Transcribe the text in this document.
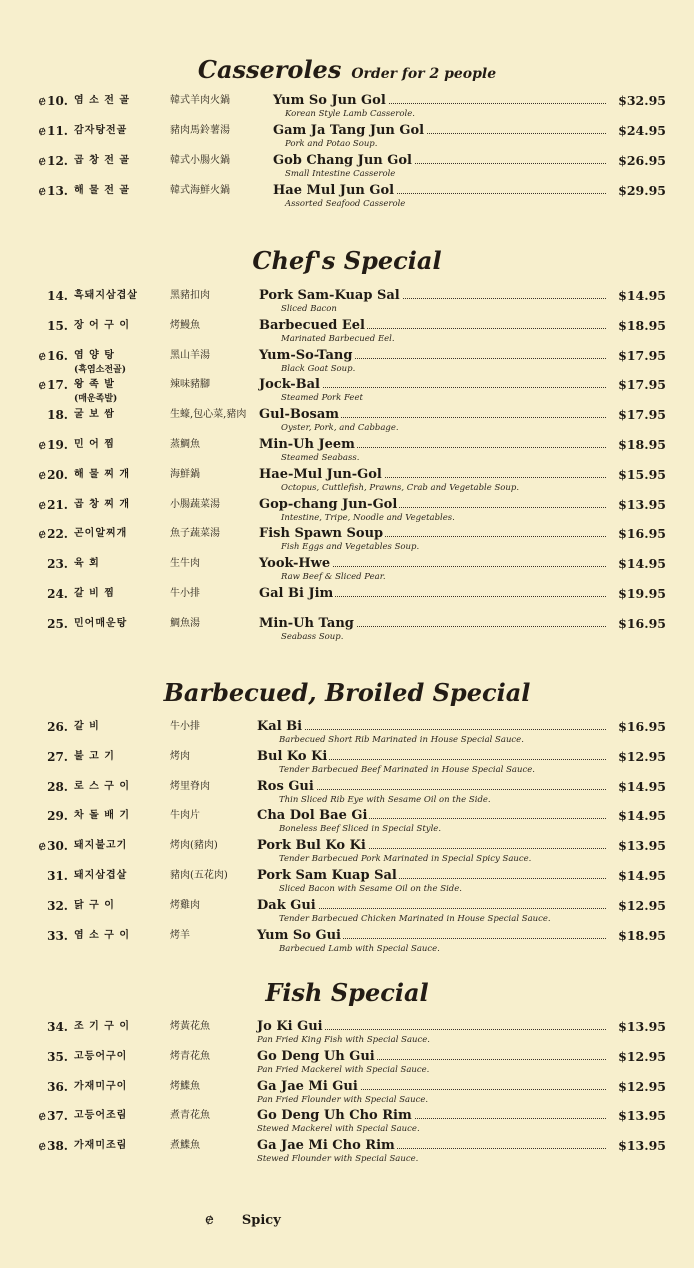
Casseroles Order for 2 people
ɇ10. 염 소 전 골	韓式羊肉火鍋	Yum So Jun Gol	$32.95
Korean Style Lamb Casserole.
ɇ11. 감자탕전골	豬肉馬鈴薯湯	Gam Ja Tang Jun Gol	$24.95
Pork and Potao Soup.
ɇ12. 곱 창 전 골	韓式小腸火鍋	Gob Chang Jun Gol	$26.95
Small Intestine Casserole
ɇ13. 해 물 전 골	韓式海鮮火鍋	Hae Mul Jun Gol	$29.95
Assorted Seafood Casserole
Chef's Special
14. 흑돼지삼겹살	黑豬扣肉	Pork Sam-Kuap Sal	$14.95
Sliced Bacon
15. 장 어 구 이	烤鰻魚	Barbecued Eel	$18.95
Marinated Barbecued Eel.
ɇ16. 염 양 탕	黑山羊湯	Yum-So-Tang	$17.95
(흑염소전골)	Black Goat Soup.
ɇ17. 왕 족 발	辣味豬腳	Jock-Bal	$17.95
(매운족발)	Steamed Pork Feet
18. 굴 보 쌈	生蠔,包心菜,豬肉 Gul-Bosam	$17.95
Oyster, Pork, and Cabbage.
ɇ19. 민 어 찜	蒸鯛魚	Min-Uh Jeem	$18.95
Steamed Seabass.
ɇ20. 해 물 찌 개	海鮮鍋	Hae-Mul Jun-Gol	$15.95
Octopus, Cuttlefish, Prawns, Crab and Vegetable Soup.
ɇ21. 곱 창 찌 개	小腸蔬菜湯	Gop-chang Jun-Gol	$13.95
Intestine, Tripe, Noodle and Vegetables.
ɇ22. 곤이알찌개	魚子蔬菜湯	Fish Spawn Soup	$16.95
Fish Eggs and Vegetables Soup.
23. 육 회	生牛肉	Yook-Hwe	$14.95
Raw Beef & Sliced Pear.
24. 갈 비 찜	牛小排	Gal Bi Jim	$19.95
25. 민어매운탕	鯛魚湯	Min-Uh Tang	$16.95
Seabass Soup.
Barbecued, Broiled Special
26. 갈 비	牛小排	Kal Bi	$16.95
Barbecued Short Rib Marinated in House Special Sauce.
27. 불 고 기	烤肉	Bul Ko Ki	$12.95
Tender Barbecued Beef Marinated in House Special Sauce.
28. 로 스 구 이	烤里脊肉	Ros Gui	$14.95
Thin Sliced Rib Eye with Sesame Oil on the Side.
29. 차 돌 배 기	牛肉片	Cha Dol Bae Gi	$14.95
Boneless Beef Sliced in Special Style.
ɇ30. 돼지불고기	烤肉(豬肉)	Pork Bul Ko Ki	$13.95
Tender Barbecued Pork Marinated in Special Spicy Sauce.
31. 돼지삼겹살	豬肉(五花肉)	Pork Sam Kuap Sal	$14.95
Sliced Bacon with Sesame Oil on the Side.
32. 닭 구 이	烤雞肉	Dak Gui	$12.95
Tender Barbecued Chicken Marinated in House Special Sauce.
33. 염 소 구 이	烤羊	Yum So Gui	$18.95
Barbecued Lamb with Special Sauce.
Fish Special
34. 조 기 구 이	烤黃花魚	Jo Ki Gui	$13.95
Pan Fried King Fish with Special Sauce.
35. 고등어구이	烤青花魚	Go Deng Uh Gui	$12.95
Pan Fried Mackerel with Special Sauce.
36. 가재미구이	烤鰈魚	Ga Jae Mi Gui	$12.95
Pan Fried Flounder with Special Sauce.
ɇ37. 고등어조림	煮青花魚	Go Deng Uh Cho Rim	$13.95
Stewed Mackerel with Special Sauce.
ɇ38. 가재미조림	煮鰈魚	Ga Jae Mi Cho Rim	$13.95
Stewed Flounder with Special Sauce.
ɇ Spicy
